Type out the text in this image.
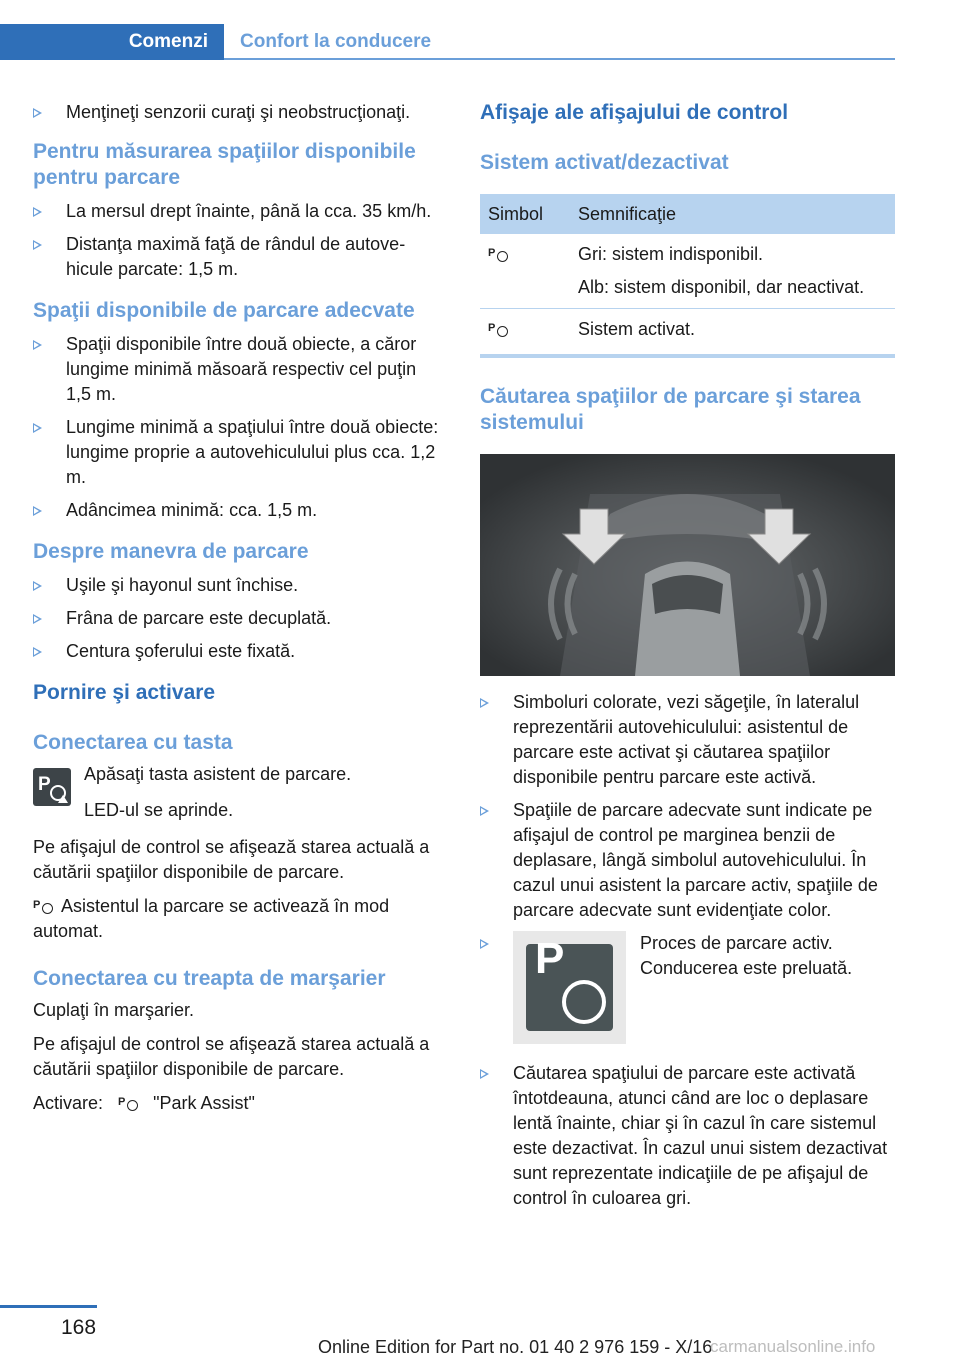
Comenzi	Confort la conducere
Menţineţi senzorii curaţi şi neobstrucţionaţi.
Pentru măsurarea spaţiilor disponibile pentru parcare
La mersul drept înainte, până la cca. 35 km/h.
Distanţa maximă faţă de rândul de autovehicule parcate: 1,5 m.
Spaţii disponibile de parcare adecvate
Spaţii disponibile între două obiecte, a căror lungime minimă măsoară respectiv cel puţin 1,5 m.
Lungime minimă a spaţiului între două obiecte: lungime proprie a autovehiculului plus cca. 1,2 m.
Adâncimea minimă: cca. 1,5 m.
Despre manevra de parcare
Uşile şi hayonul sunt închise.
Frâna de parcare este decuplată.
Centura şoferului este fixată.
Pornire şi activare
Conectarea cu tasta
P Apăsaţi tasta asistent de parcare.

LED-ul se aprinde.

Pe afişajul de control se afişează starea actuală a căutării spaţiilor disponibile de parcare.

P Asistentul la parcare se activează în mod automat.

Conectarea cu treapta de marşarier

Cuplaţi în marşarier.

Pe afişajul de control se afişează starea actuală a căutării spaţiilor disponibile de parcare.

Activare: P "Park Assist"

Afişaje ale afişajului de control
Sistem activat/dezactivat
Simbol	Semnificaţie

P	Gri: sistem indisponibil.
Alb: sistem disponibil, dar neactivat.

P	Sistem activat.
Căutarea spaţiilor de parcare şi starea sistemului
Simboluri colorate, vezi săgeţile, în lateralul reprezentării autovehiculului: asistentul de parcare este activat şi căutarea spaţiilor disponibile pentru parcare este activă.
Spaţiile de parcare adecvate sunt indicate pe afişajul de control pe marginea benzii de deplasare, lângă simbolul autovehiculului. În cazul unui asistent la parcare activ, spaţiile de parcare adecvate sunt evidenţiate color.
P	Proces de parcare activ.
Conducerea este preluată.
Căutarea spaţiului de parcare este activată întotdeauna, atunci când are loc o deplasare lentă înainte, chiar şi în cazul în care sistemul este dezactivat. În cazul unui sistem dezactivat sunt reprezentate indicaţiile de pe afişajul de control în culoarea gri.
168
Online Edition for Part no. 01 40 2 976 159 - X/16
carmanualsonline.info
